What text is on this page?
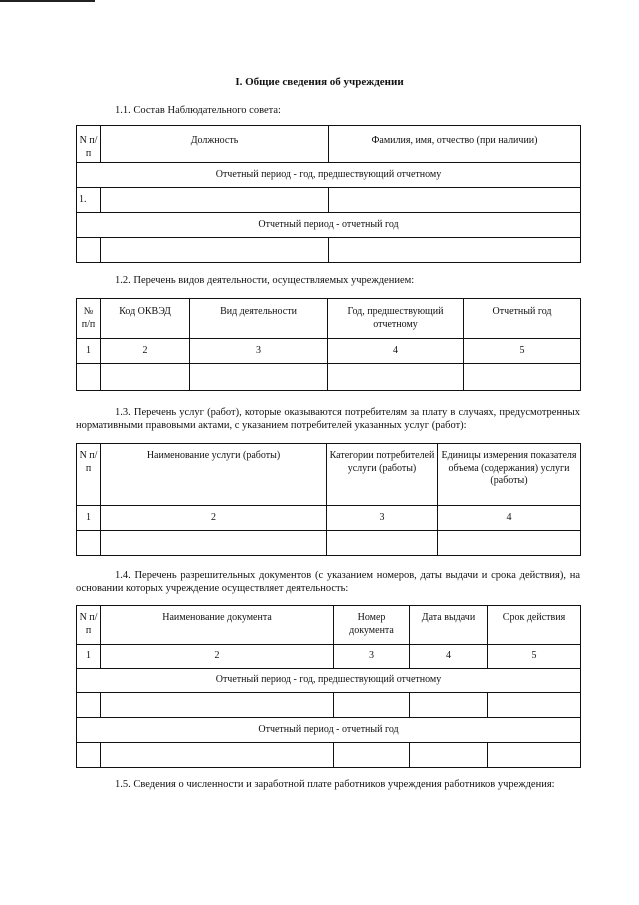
I. Общие сведения об учреждении
1.1. Состав Наблюдательного совета:
N п/п	Должность	Фамилия, имя, отчество (при наличии)
Отчетный период - год, предшествующий отчетному		
1.		
Отчетный период - отчетный год		

1.2. Перечень видов деятельности, осуществляемых учреждением:
№ п/п	Код ОКВЭД	Вид деятельности	Год, предшествующий отчетному	Отчетный год
1	2	3	4	5

1.3. Перечень услуг (работ), которые оказываются потребителям за плату в случаях, предусмотренных нормативными правовыми актами, с указанием потребителей указанных услуг (работ):
N п/п	Наименование услуги (работы)	Категории потребителей услуги (работы)	Единицы измерения показателя объема (содержания) услуги (работы)
1	2	3	4

1.4. Перечень разрешительных документов (с указанием номеров, даты выдачи и срока действия), на основании которых учреждение осуществляет деятельность:
N п/п	Наименование документа	Номер документа	Дата выдачи	Срок действия
1	2	3	4	5
Отчетный период - год, предшествующий отчетному				

Отчетный период - отчетный год				

1.5. Сведения о численности и заработной плате работников учреждения работников учреждения:
